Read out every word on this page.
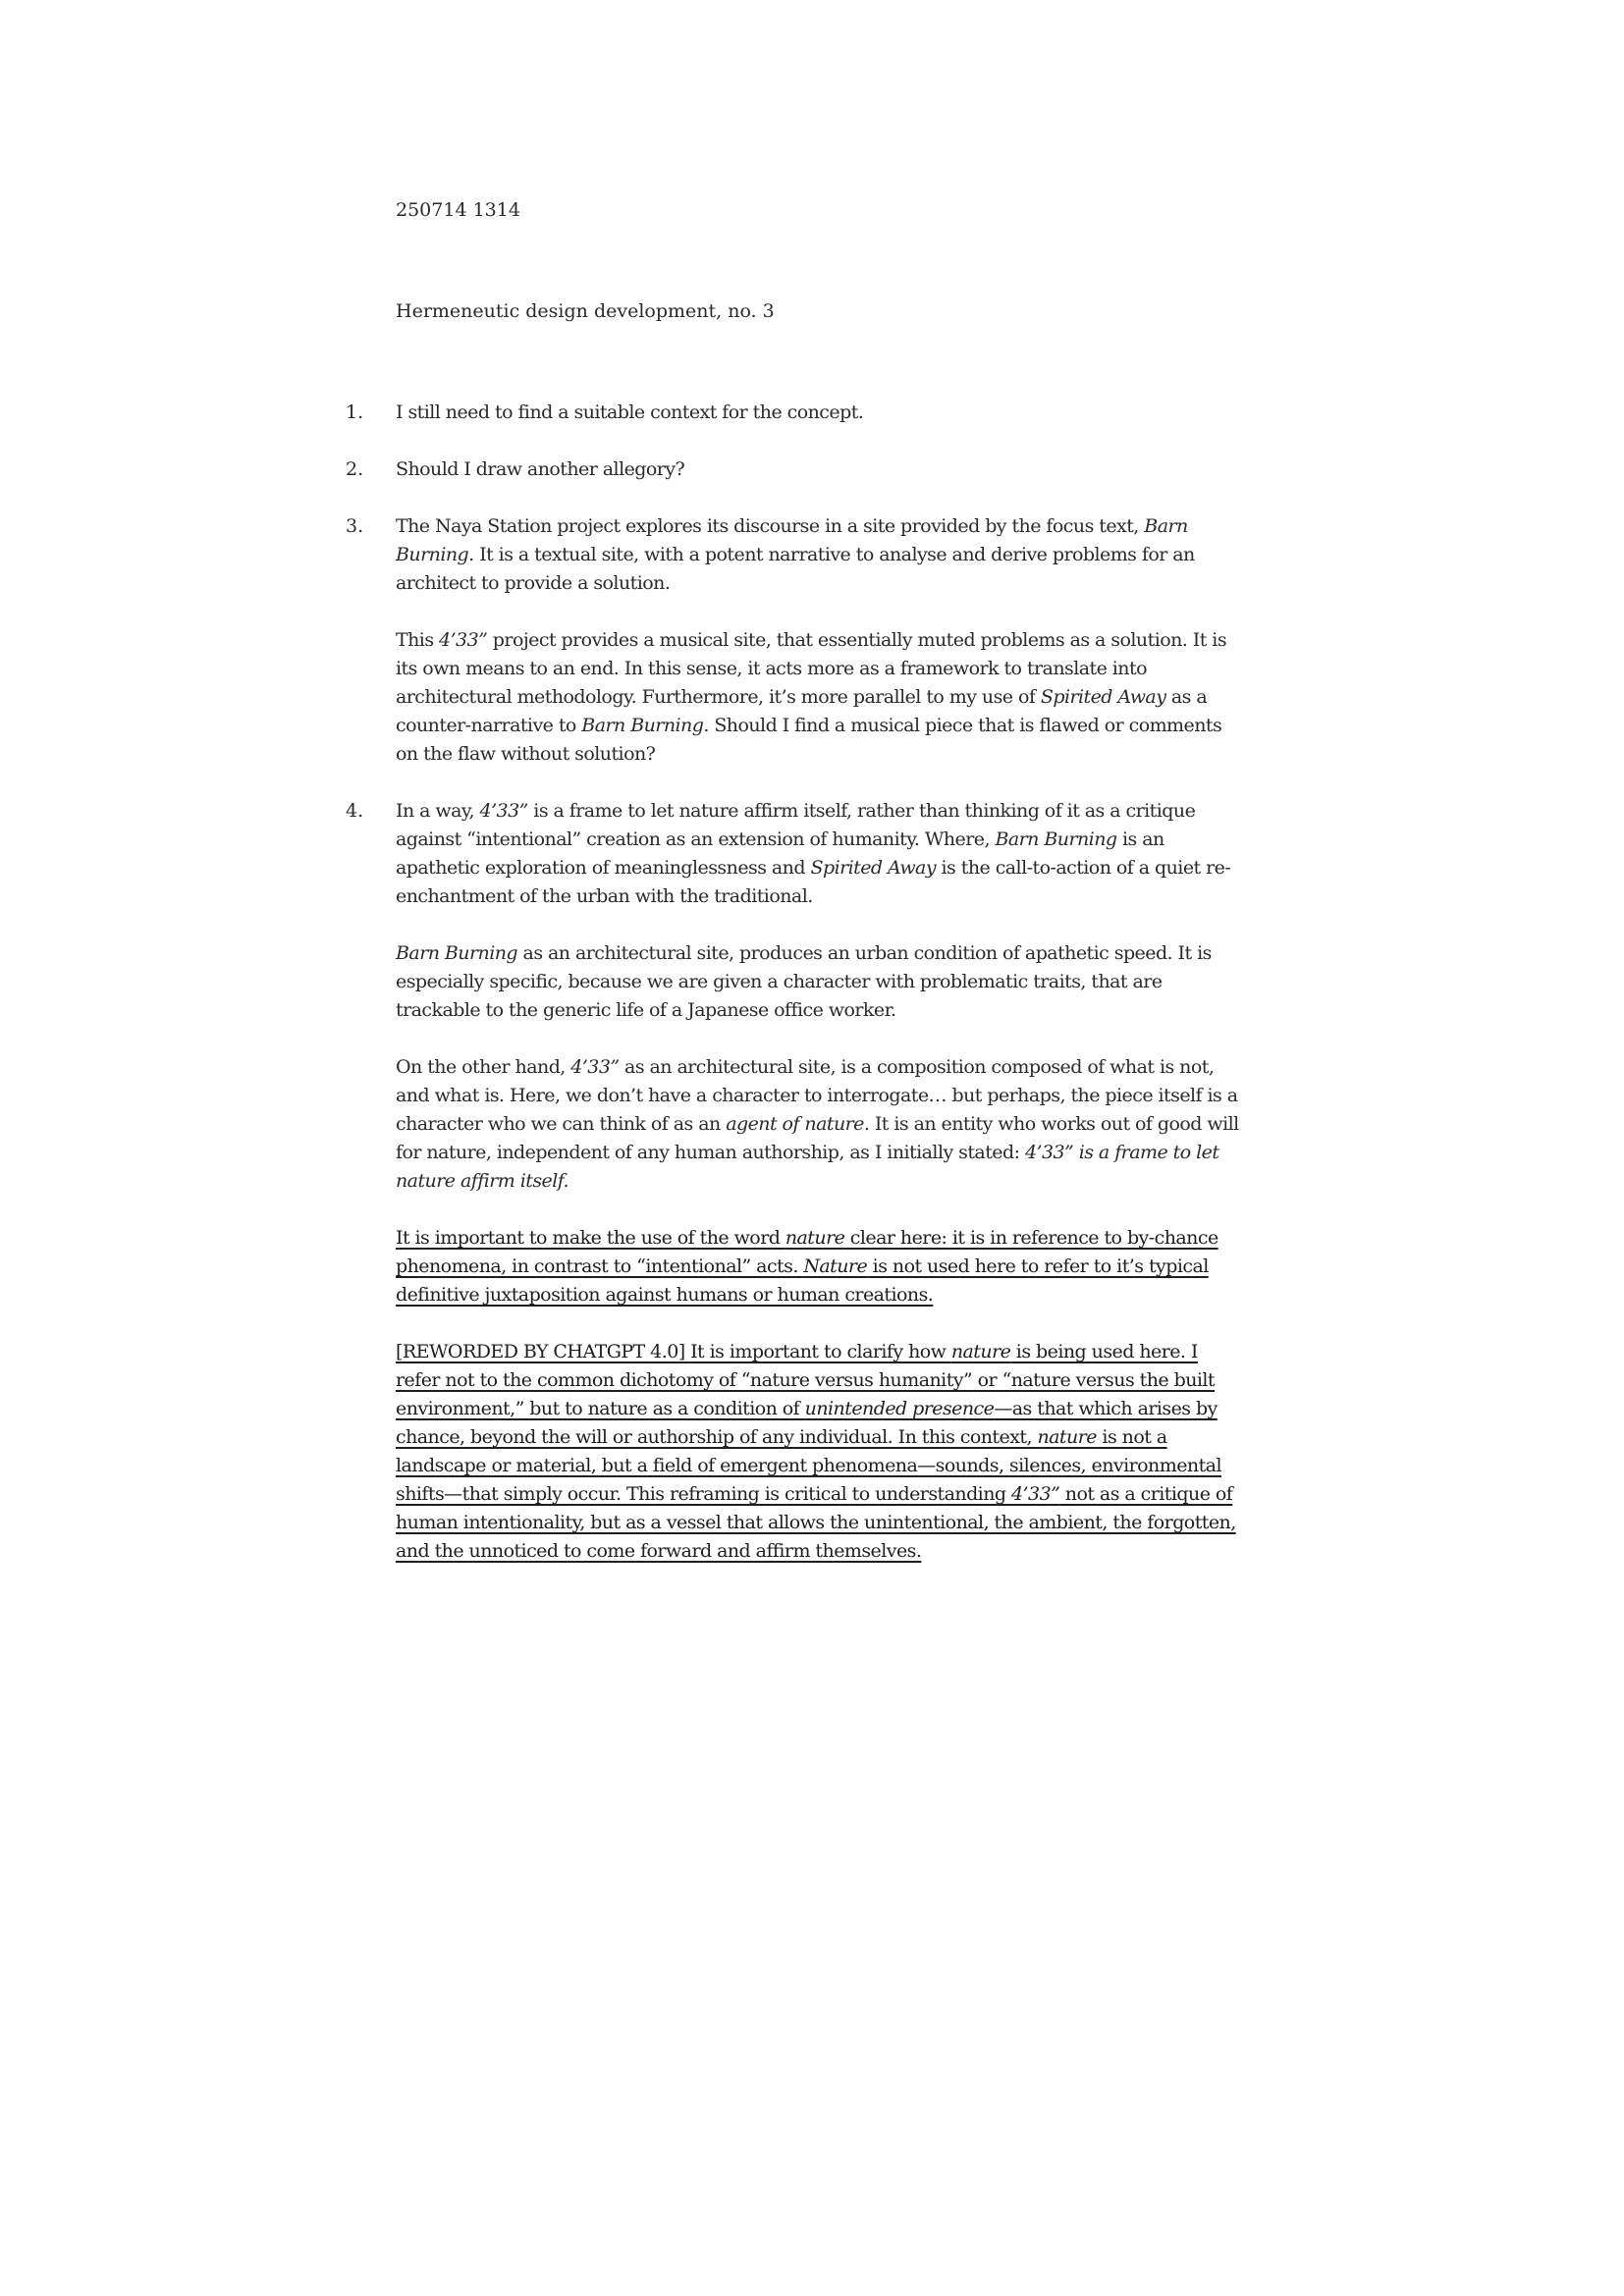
250714 1314
Hermeneutic design development, no. 3
1.	I still need to find a suitable context for the concept.

2.	Should I draw another allegory?

3.	The Naya Station project explores its discourse in a site provided by the focus text, Barn Burning. It is a textual site, with a potent narrative to analyse and derive problems for an architect to provide a solution.

This 4’33” project provides a musical site, that essentially muted problems as a solution. It is its own means to an end. In this sense, it acts more as a framework to translate into architectural methodology. Furthermore, it’s more parallel to my use of Spirited Away as a counter-narrative to Barn Burning. Should I find a musical piece that is flawed or comments on the flaw without solution?

4.	In a way, 4’33” is a frame to let nature affirm itself, rather than thinking of it as a critique against “intentional” creation as an extension of humanity. Where, Barn Burning is an apathetic exploration of meaninglessness and Spirited Away is the call-to-action of a quiet re-enchantment of the urban with the traditional.

Barn Burning as an architectural site, produces an urban condition of apathetic speed. It is especially specific, because we are given a character with problematic traits, that are trackable to the generic life of a Japanese office worker.

On the other hand, 4’33” as an architectural site, is a composition composed of what is not, and what is. Here, we don’t have a character to interrogate… but perhaps, the piece itself is a character who we can think of as an agent of nature. It is an entity who works out of good will for nature, independent of any human authorship, as I initially stated: 4’33” is a frame to let nature affirm itself.

It is important to make the use of the word nature clear here: it is in reference to by-chance phenomena, in contrast to “intentional” acts. Nature is not used here to refer to it’s typical definitive juxtaposition against humans or human creations.

[REWORDED BY CHATGPT 4.0] It is important to clarify how nature is being used here. I refer not to the common dichotomy of “nature versus humanity” or “nature versus the built environment,” but to nature as a condition of unintended presence—as that which arises by chance, beyond the will or authorship of any individual. In this context, nature is not a landscape or material, but a field of emergent phenomena—sounds, silences, environmental shifts—that simply occur. This reframing is critical to understanding 4’33” not as a critique of human intentionality, but as a vessel that allows the unintentional, the ambient, the forgotten, and the unnoticed to come forward and affirm themselves.
